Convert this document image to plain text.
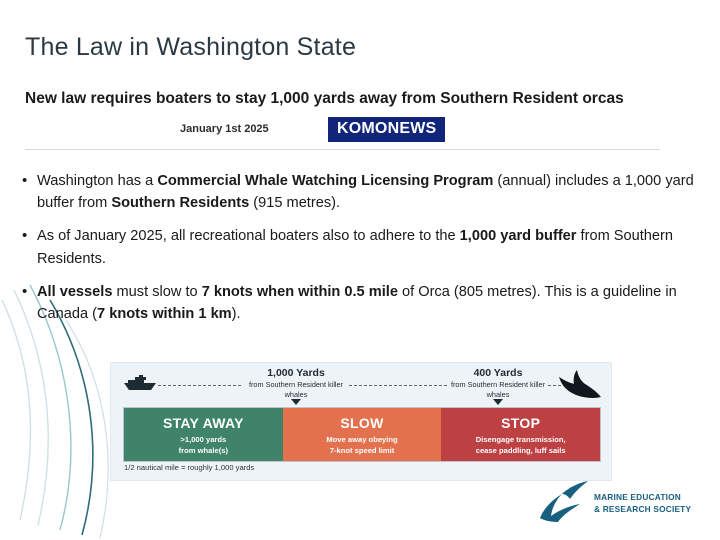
The Law in Washington State
New law requires boaters to stay 1,000 yards away from Southern Resident orcas
January 1st 2025	KOMONEWS
• Washington has a Commercial Whale Watching Licensing Program (annual) includes a 1,000 yard buffer from Southern Residents (915 metres).
• As of January 2025, all recreational boaters also to adhere to the 1,000 yard buffer from Southern Residents.
• All vessels must slow to 7 knots when within 0.5 mile of Orca (805 metres). This is a guideline in Canada (7 knots within 1 km).
1,000 Yards
from Southern Resident killer whales
400 Yards
from Southern Resident killer whales
STAY AWAY
>1,000 yards
from whale(s)
SLOW
Move away obeying
7-knot speed limit
STOP
Disengage transmission,
cease paddling, luff sails
1/2 nautical mile = roughly 1,000 yards
MARINE EDUCATION
& RESEARCH SOCIETY
